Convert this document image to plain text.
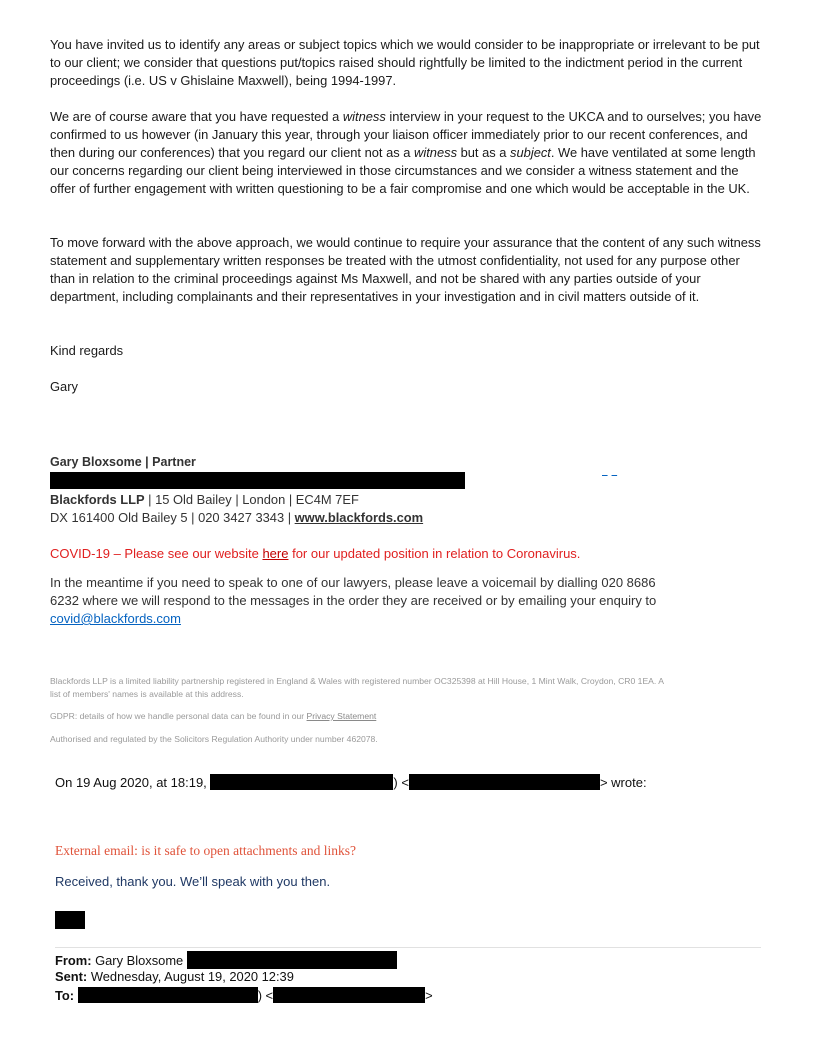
You have invited us to identify any areas or subject topics which we would consider to be inappropriate or irrelevant to be put to our client; we consider that questions put/topics raised should rightfully be limited to the indictment period in the current proceedings (i.e. US v Ghislaine Maxwell), being 1994-1997.

We are of course aware that you have requested a witness interview in your request to the UKCA and to ourselves; you have confirmed to us however (in January this year, through your liaison officer immediately prior to our recent conferences, and then during our conferences) that you regard our client not as a witness but as a subject. We have ventilated at some length our concerns regarding our client being interviewed in those circumstances and we consider a witness statement and the offer of further engagement with written questioning to be a fair compromise and one which would be acceptable in the UK.

To move forward with the above approach, we would continue to require your assurance that the content of any such witness statement and supplementary written responses be treated with the utmost confidentiality, not used for any purpose other than in relation to the criminal proceedings against Ms Maxwell, and not be shared with any parties outside of your department, including complainants and their representatives in your investigation and in civil matters outside of it.

Kind regards

Gary

Gary Bloxsome | Partner

Blackfords LLP | 15 Old Bailey | London | EC4M 7EF
DX 161400 Old Bailey 5 | 020 3427 3343 | www.blackfords.com
COVID-19 – Please see our website here for our updated position in relation to Coronavirus.
In the meantime if you need to speak to one of our lawyers, please leave a voicemail by dialling 020 8686 6232 where we will respond to the messages in the order they are received or by emailing your enquiry to covid@blackfords.com
Blackfords LLP is a limited liability partnership registered in England & Wales with registered number OC325398 at Hill House, 1 Mint Walk, Croydon, CR0 1EA. A list of members' names is available at this address.
GDPR: details of how we handle personal data can be found in our Privacy Statement
Authorised and regulated by the Solicitors Regulation Authority under number 462078.
On 19 Aug 2020, at 18:19,	) <	> wrote:
External email: is it safe to open attachments and links?
Received, thank you. We’ll speak with you then.
From: Gary Bloxsome
Sent: Wednesday, August 19, 2020 12:39
To:	) <	>
